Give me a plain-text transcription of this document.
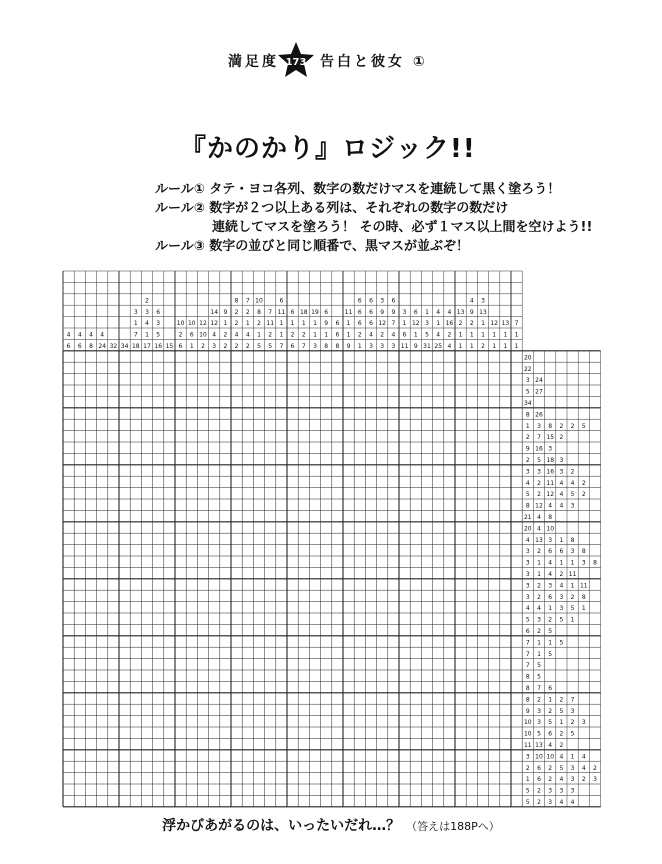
満足度 173 告白と彼女 ①
『かのかり』ロジック!!
ルール① タテ・ヨコ各列、数字の数だけマスを連続して黒く塗ろう！
ルール② 数字が２つ以上ある列は、それぞれの数字の数だけ
連続してマスを塗ろう！ その時、必ず１マス以上間を空けよう!!
ルール③ 数字の並びと同じ順番で、黒マスが並ぶぞ！
4
6
4
6
4
8
4
24 32 34
3
1
7
18
2
3
4
1
17
6
3
5
16 15
10
2
6
10
6
1
12
10
2
14
12
4
3
9
1
2
2
8
2
2
4
2
7
2
1
4
2
10
8
2
1
5
7
11
2
5
6
11
1
1
7
6
1
2
6
18
1
2
7
19
1
1
3
6
9
1
8
6
6
8
11
1
1
9
6
6
6
2
1
6
6
6
4
3
3
9
12
2
3
6
9
7
4
3
3
1
6
11
6
12
1
9
1
3
5
31
4
1
4
25
4
16
2
4
13
2
1
1
4
9
2
1
1
3
13
1
1
2
12
1
1
13
1
1
7
1
1
20
22
3 24
5 27
34
8 26
1 3 8 2 2 5
2 7 15 2
9 16 3
2 5 18 3
3 3 16 3 2
4 2 11 4 4 2
5 2 12 4 5 2
8 12 4 4 3
21 4 8
20 4 10
4 13 3 1 8
3 2 6 6 3 8
3 1 4 1 1 3 8
3 1 4 2 11
3 2 3 4 1 11
3 2 6 3 2 8
4 4 1 3 5 1
5 3 2 5 1
6 2 5
7 1 1 5
7 1 5
7 5
8 5
8 7 6
8 2 1 2 7
9 3 2 5 3
10 3 5 1 2 3
10 5 6 2 5
11 13 4 2
3 10 10 4 1 4
2 6 2 5 3 4 2
1 6 2 4 3 2 3
5 2 3 3 3
5 2 3 4 4
浮かびあがるのは、いったいだれ…？ （答えは188Pへ）
